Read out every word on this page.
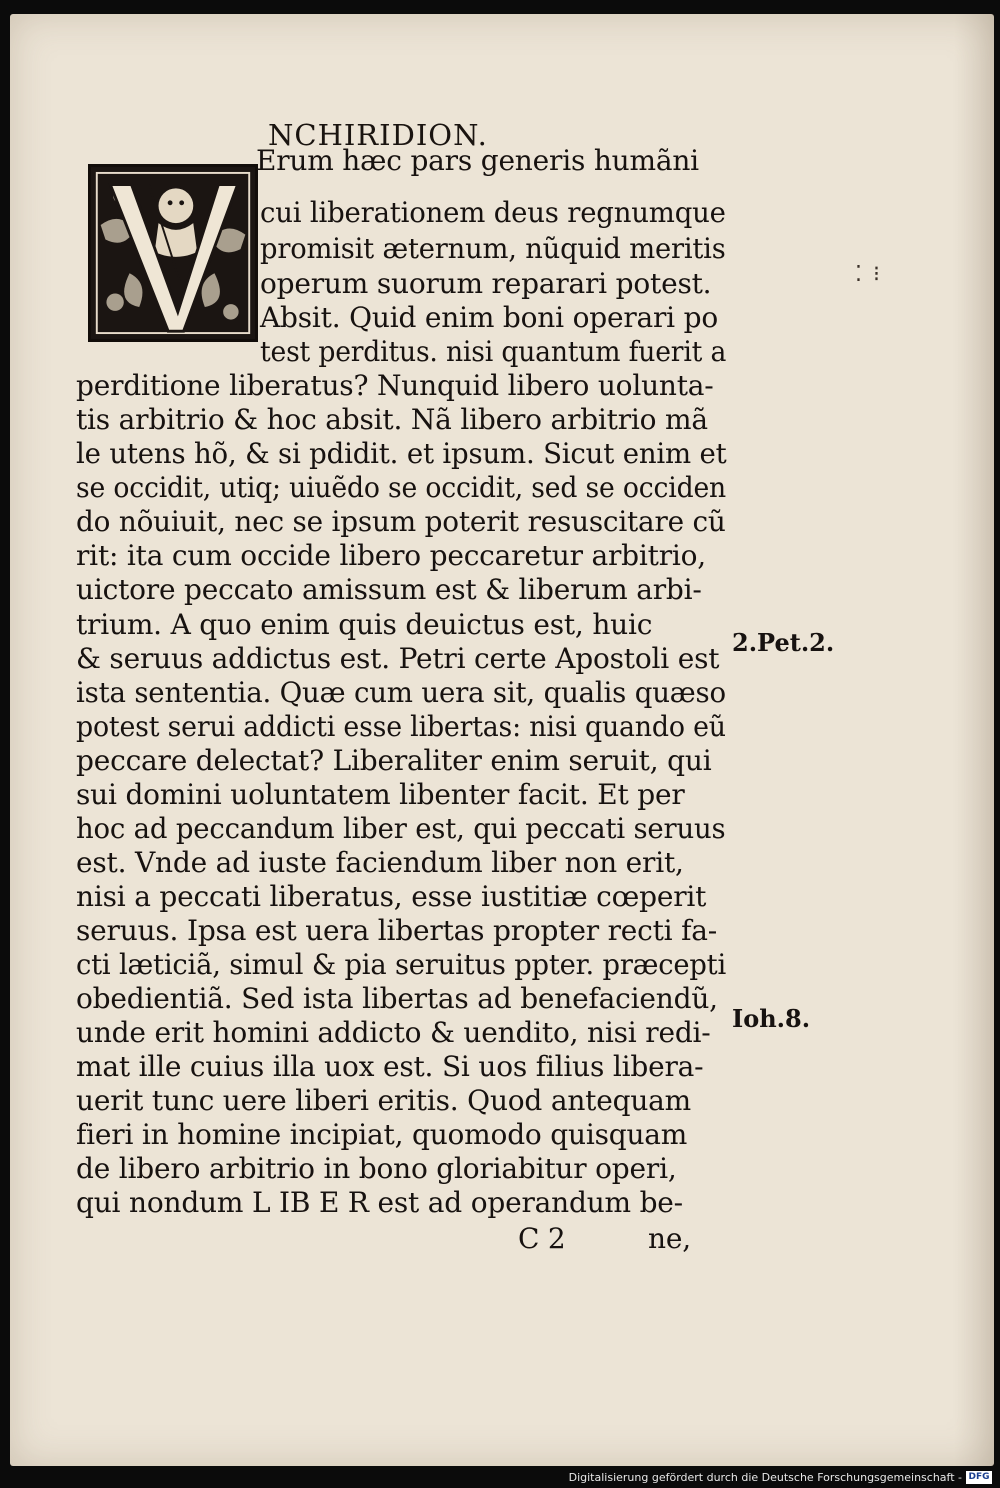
NCHIRIDION.
Erum hæc pars generis humãni
cui liberationem deus regnumque
promisit æternum, nũquid meritis
operum suorum reparari potest.
Absit. Quid enim boni operari po
test perditus. nisi quantum fuerit a
perditione liberatus? Nunquid libero uolunta-
tis arbitrio & hoc absit. Nã libero arbitrio mã
le utens hõ, & si pdidit. et ipsum. Sicut enim et
se occidit, utiq; uiuẽdo se occidit, sed se occiden
do nõuiuit, nec se ipsum poterit resuscitare cũ
rit: ita cum occide libero peccaretur arbitrio,
uictore peccato amissum est & liberum arbi-
trium. A quo enim quis deuictus est, huic
& seruus addictus est. Petri certe Apostoli est
ista sententia. Quæ cum uera sit, qualis quæso
potest serui addicti esse libertas: nisi quando eũ
peccare delectat? Liberaliter enim seruit, qui
sui domini uoluntatem libenter facit. Et per
hoc ad peccandum liber est, qui peccati seruus
est. Vnde ad iuste faciendum liber non erit,
nisi a peccati liberatus, esse iustitiæ cœperit
seruus. Ipsa est uera libertas propter recti fa-
cti læticiã, simul & pia seruitus ppter. præcepti
obedientiã. Sed ista libertas ad benefaciendũ,
unde erit homini addicto & uendito, nisi redi-
mat ille cuius illa uox est. Si uos filius libera-
uerit tunc uere liberi eritis. Quod antequam
fieri in homine incipiat, quomodo quisquam
de libero arbitrio in bono gloriabitur operi,
qui nondum L IB E R est ad operandum be-
C 2	ne,
2.Pet.2.
Ioh.8.
⁚ ⁝
Digitalisierung gefördert durch die Deutsche Forschungsgemeinschaft - DFG
